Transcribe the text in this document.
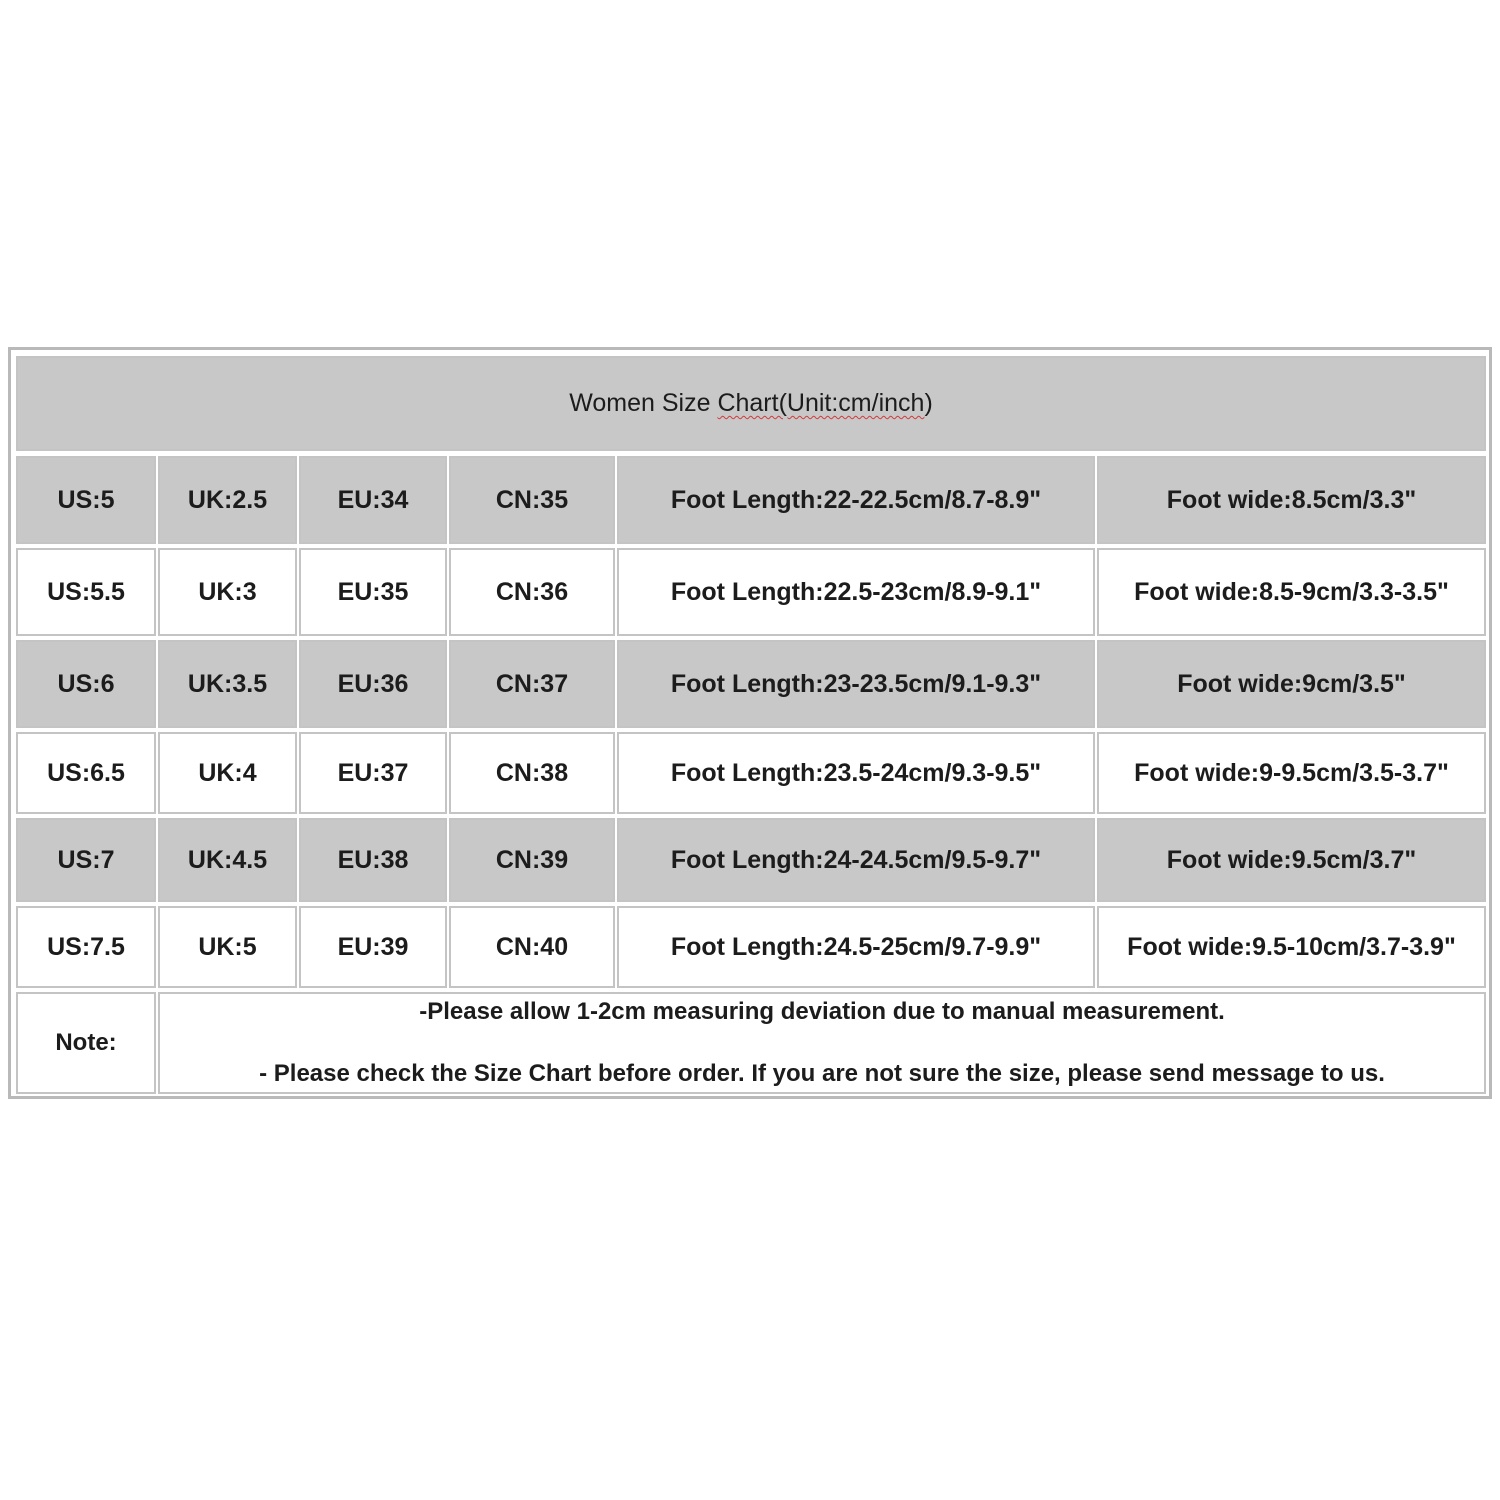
Women Size Chart(Unit:cm/inch)
US:5	UK:2.5	EU:34	CN:35	Foot Length:22-22.5cm/8.7-8.9"	Foot wide:8.5cm/3.3"
US:5.5	UK:3	EU:35	CN:36	Foot Length:22.5-23cm/8.9-9.1"	Foot wide:8.5-9cm/3.3-3.5"
US:6	UK:3.5	EU:36	CN:37	Foot Length:23-23.5cm/9.1-9.3"	Foot wide:9cm/3.5"
US:6.5	UK:4	EU:37	CN:38	Foot Length:23.5-24cm/9.3-9.5"	Foot wide:9-9.5cm/3.5-3.7"
US:7	UK:4.5	EU:38	CN:39	Foot Length:24-24.5cm/9.5-9.7"	Foot wide:9.5cm/3.7"
US:7.5	UK:5	EU:39	CN:40	Foot Length:24.5-25cm/9.7-9.9"	Foot wide:9.5-10cm/3.7-3.9"
Note:
-Please allow 1-2cm measuring deviation due to manual measurement.
- Please check the Size Chart before order. If you are not sure the size, please send message to us.
